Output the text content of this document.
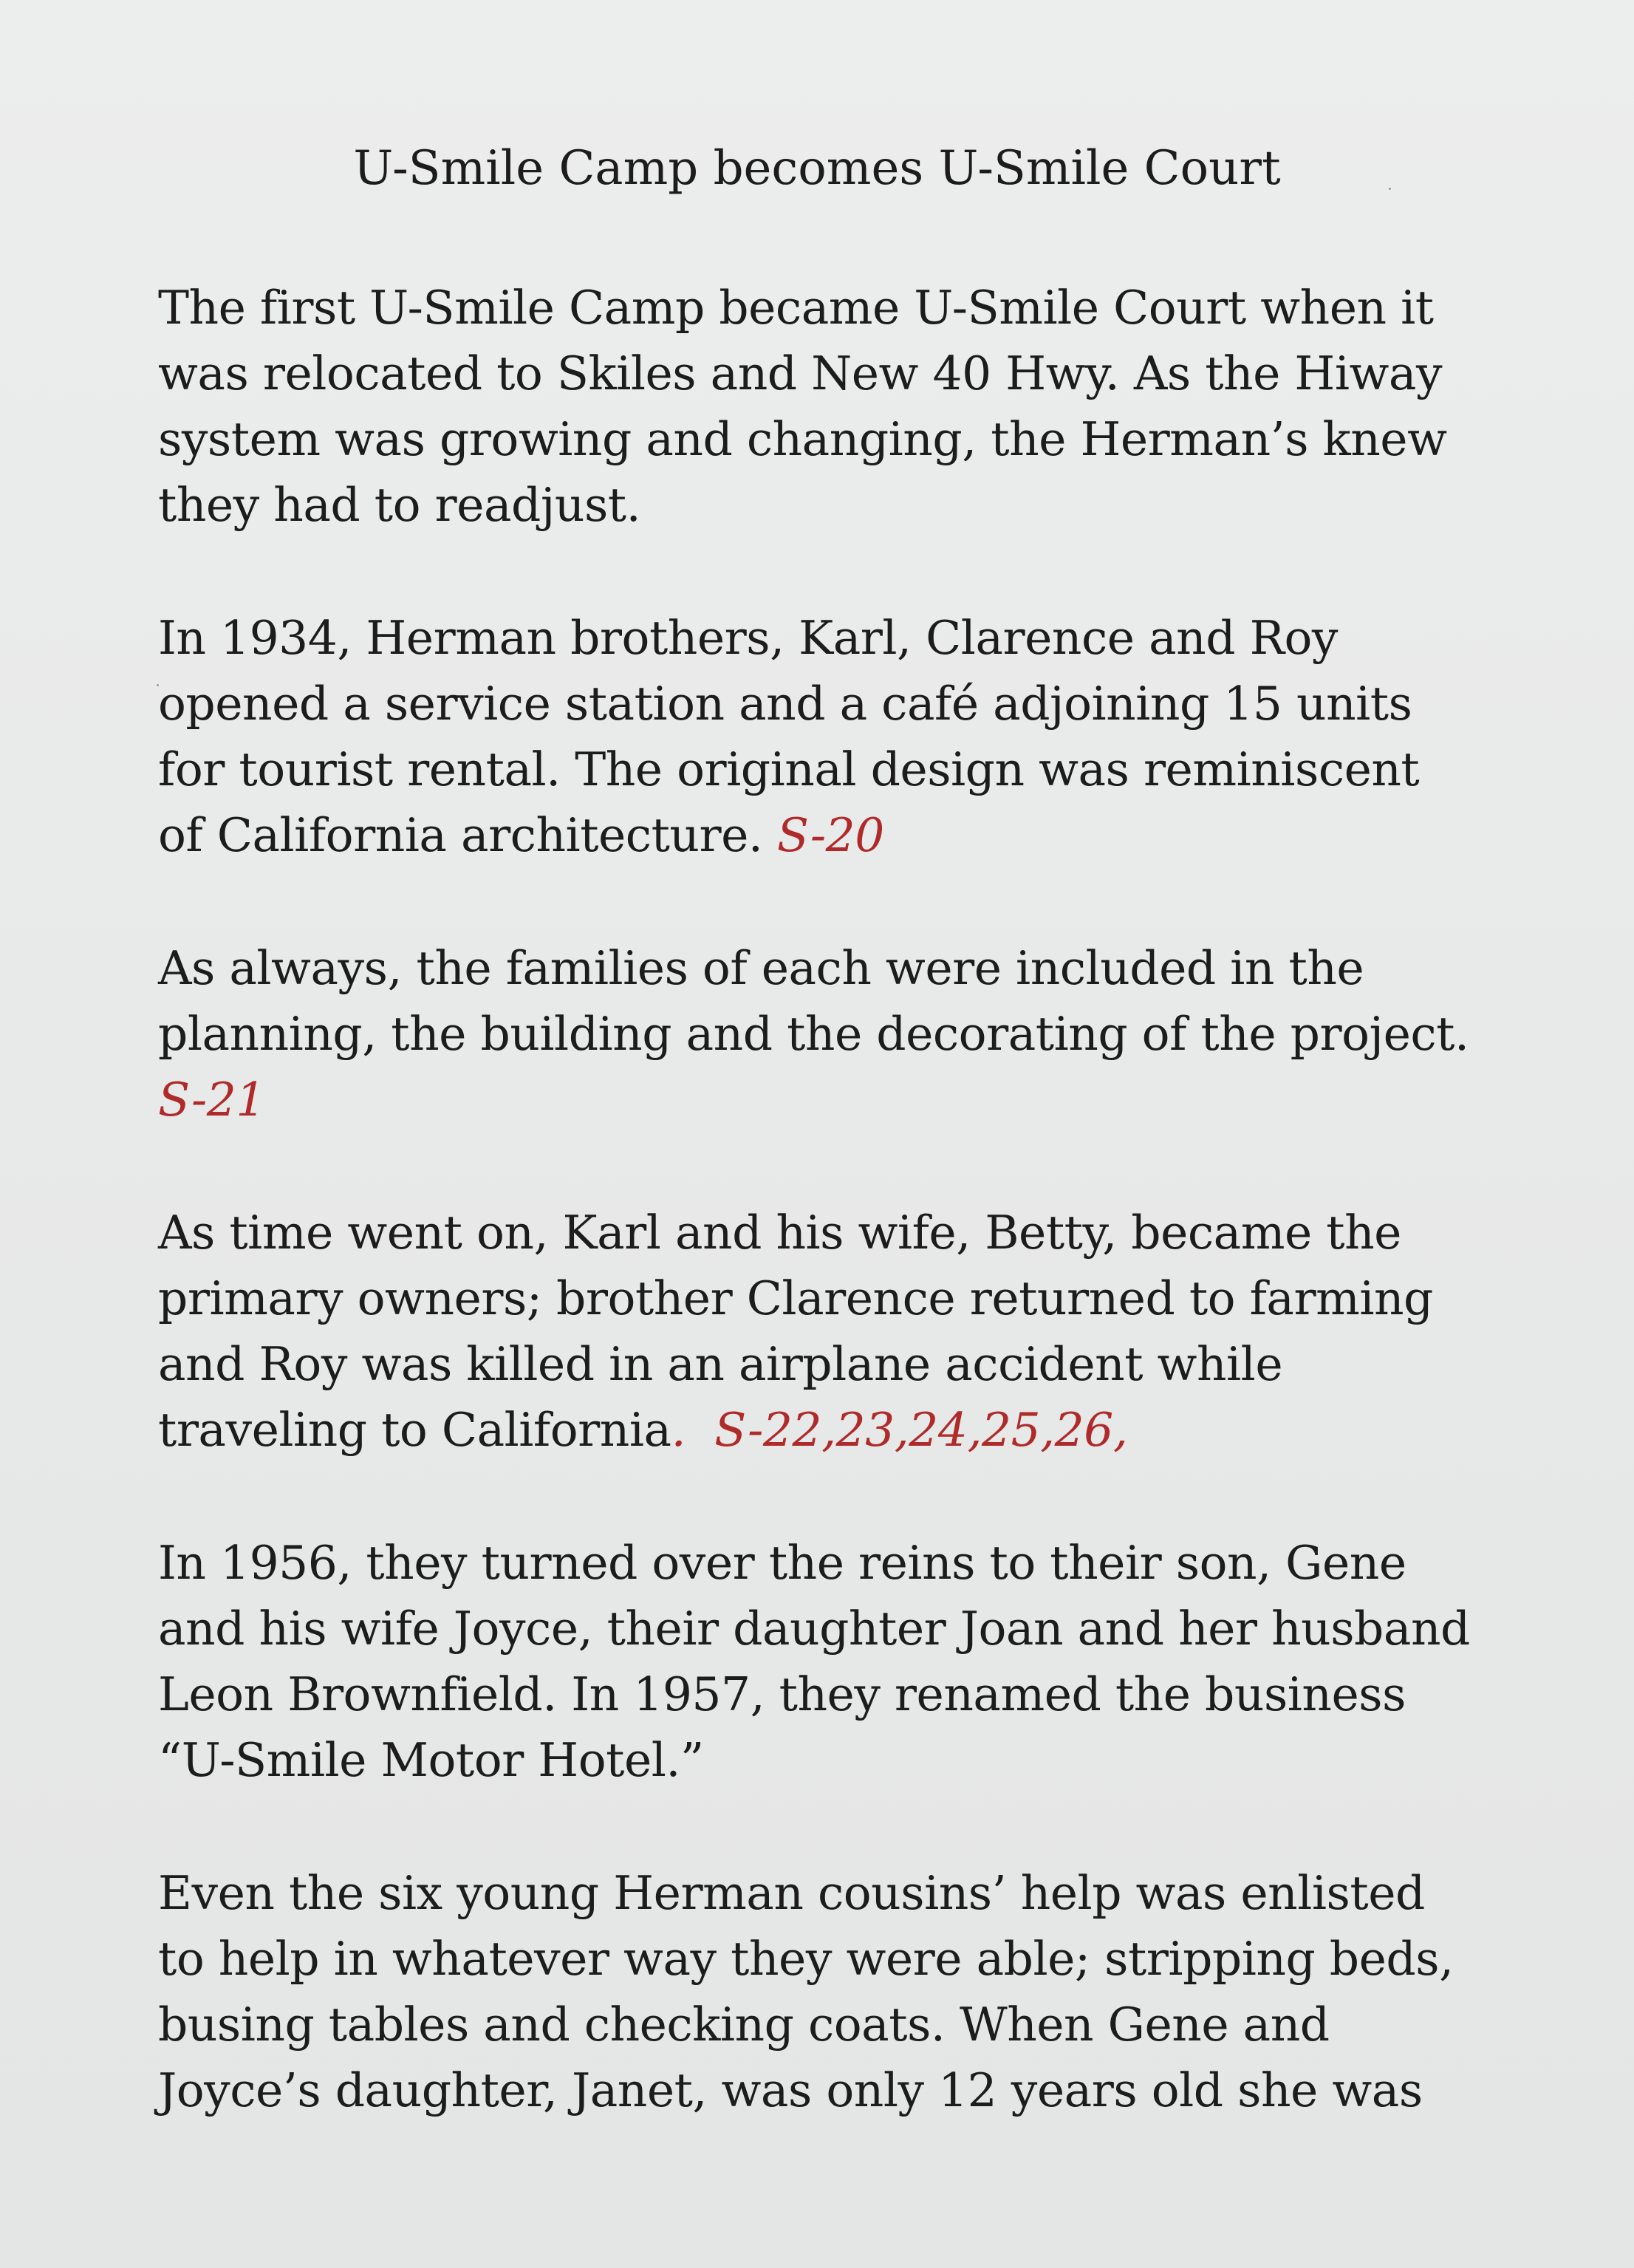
U-Smile Camp becomes U-Smile Court

The first U-Smile Camp became U-Smile Court when it
was relocated to Skiles and New 40 Hwy. As the Hiway
system was growing and changing, the Herman’s knew
they had to readjust.

In 1934, Herman brothers, Karl, Clarence and Roy
opened a service station and a café adjoining 15 units
for tourist rental. The original design was reminiscent
of California architecture. S-20

As always, the families of each were included in the
planning, the building and the decorating of the project.
S-21

As time went on, Karl and his wife, Betty, became the
primary owners; brother Clarence returned to farming
and Roy was killed in an airplane accident while
traveling to California.  S-22,23,24,25,26,

In 1956, they turned over the reins to their son, Gene
and his wife Joyce, their daughter Joan and her husband
Leon Brownfield. In 1957, they renamed the business
“U-Smile Motor Hotel.”

Even the six young Herman cousins’ help was enlisted
to help in whatever way they were able; stripping beds,
busing tables and checking coats. When Gene and
Joyce’s daughter, Janet, was only 12 years old she was
